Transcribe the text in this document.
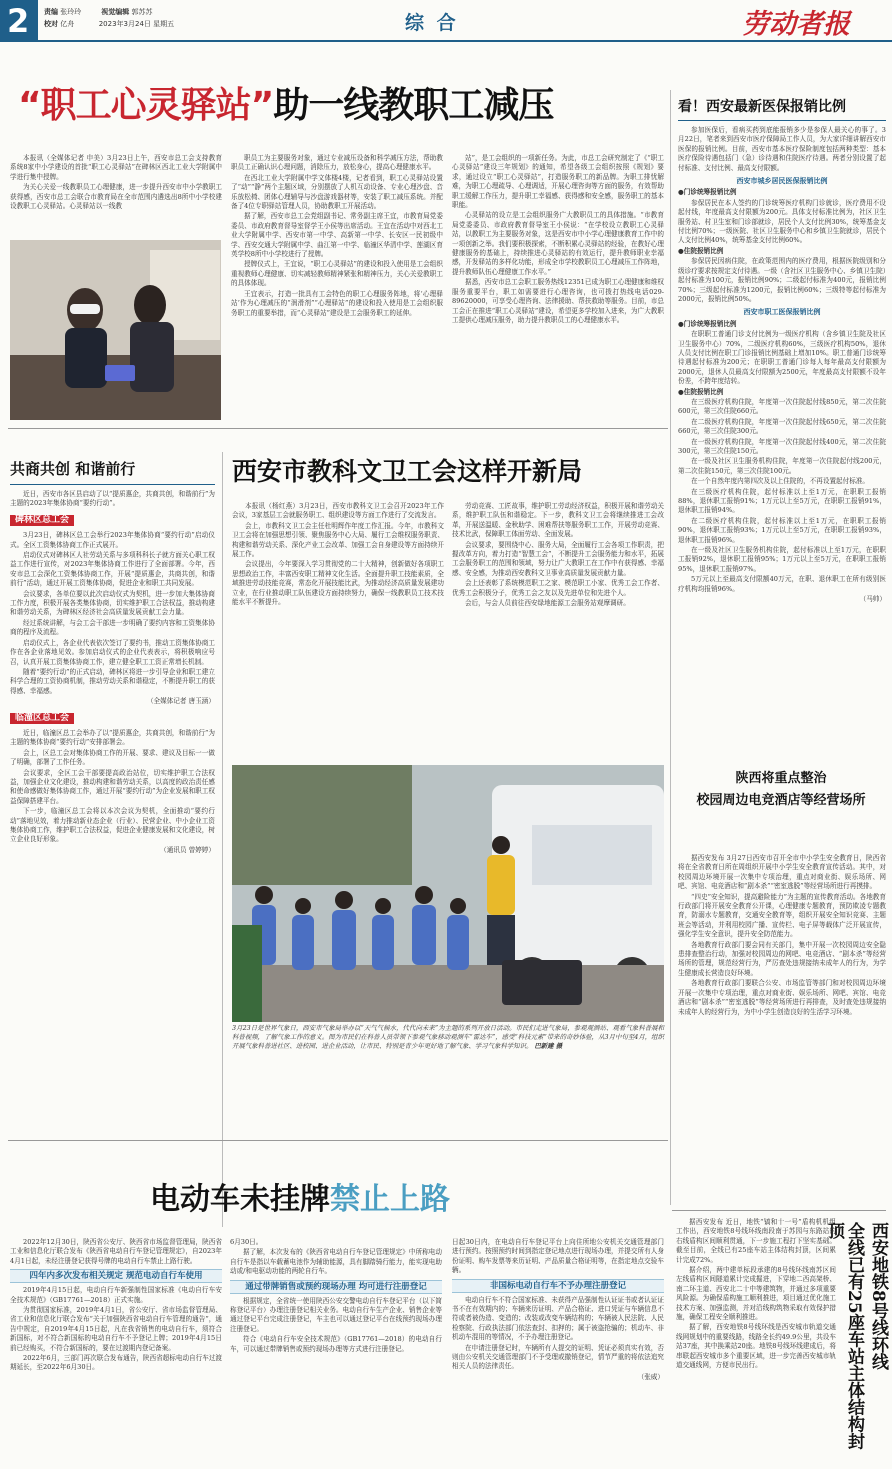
2 责编 张玲玲	视觉编辑 郭苏苏
校对 亿舟	2023年3月24日 星期五	综 合	劳动者报
“职工心灵驿站”助一线教职工减压

本报讯（全媒体记者 申美）3月23日上午，西安市总工会支持教育系统8家中小学建设的首批“职工心灵驿站”在碑林区西北工业大学附属中学进行集中授牌。

为关心关爱一线教职员工心理健康，进一步提升西安市中小学教职工获得感，西安市总工会联合市教育局在全市范围内遴选出8所中小学校建设教职工心灵驿站。心灵驿站以一线教

职员工为主要服务对象，通过专业减压设备和科学减压方法，帮助教职员工正确认识心理问题，消除压力，放松身心，提高心理健康水平。

在西北工业大学附属中学文体楼4楼，记者看到，职工心灵驿站设置了“动”“静”两个主题区域，分别摆放了人机互动设备、专业心理沙盘、音乐放松椅、团体心理辅导与沙盘游戏器材等，安装了职工减压系统。并配备了4位专职驿站管理人员，协助教职工开展活动。

据了解，西安市总工会党组副书记、常务副主席王宜，市教育局党委委员、市政府教育督导室督学王小侯等出席活动。王宜在活动中对西北工业大学附属中学、西安市第一中学、高新第一中学、长安区一民初级中学、西安交通大学附属中学、曲江第一中学、临潼区华清中学、莲湖区育英学校8所中小学校进行了授牌。

授牌仪式上，王宜说，“职工心灵驿站”的建设和投入使用是工会组织重视教师心理健康、切实减轻教师精神紧张和精神压力，关心关爱教职工的具体体现。

王宜表示，打造一批具有工会特色的职工心理服务阵地，将‘心理驿站’作为心理减压的“润滑剂”“心理驿站”的建设和投入使用是工会组织服务职工的重要举措，而“心灵驿站”建设是工会服务职工的延伸。

站”，是工会组织的一项新任务。为此，市总工会研究制定了《“职工心灵驿站”建设三年规划》的通知，希望各级工会组织按照《规划》要求，通过设立“职工心灵驿站”，打造服务职工的新品牌。为职工排忧解难，为职工心理疏导、心理调适，开展心理咨询等方面的服务，有效帮助职工缓解工作压力，提升职工幸福感、获得感和安全感，服务职工的基本职能。

心灵驿站的设立是工会组织服务广大教职员工的具体措施。“市教育局党委委员、市政府教育督导室王小侯说：“在学校设立教职工心灵驿站，以教职工为主要服务对象，这是西安市中小学心理健康教育工作中的一项创新之举。我们要积极探索，不断积累心灵驿站的经验，在教好心理健康服务的基础上，持续推进心灵驿站的有效运行，提升教师职业幸福感，开发驿站的多样化功能，形成全市学校教职员工心理减压工作阵地，提升教师队伍心理健康工作水平。”

据悉，西安市总工会职工服务热线12351已成为职工心理健康和维权服务重要平台，职工如需要进行心理咨询，也可拨打热线电话029-89620000，可享受心理咨询、法律援助、帮扶救助等服务。目前，市总工会正在推进“职工心灵驿站”建设，希望更多学校加入进来，为广大教职工提供心理减压服务，助力提升教职员工的心理健康水平。

看！西安最新医保报销比例

参加医保后，看病买药到底能报销多少是参保人最关心的事了。3月22日，笔者来到西安市医疗保障局工作人员，为大家详细讲解西安市医保的报销比例。目前，西安市基本医疗保险制度包括两种类型：基本医疗保险待遇包括门（急）诊待遇和住院医疗待遇。两者分别设置了起付标准、支付比例、最高支付限额。

西安市城乡居民医保报销比例

●门诊统筹报销比例

参保居民在本人签约的门诊统筹医疗机构门诊就诊，医疗费用不设起付线，年度最高支付限额为200元。具体支付标准比例为，社区卫生服务站、村卫生室和门诊部就诊，居民个人支付比例30%，统筹基金支付比例70%；一级医院、社区卫生服务中心和乡镇卫生院就诊，居民个人支付比例40%，统筹基金支付比例60%。

●住院报销比例

参保居民因病住院，在政策范围内的医疗费用，根据医院级别和分级诊疗要求按规定支付待遇。一级（含社区卫生服务中心、乡镇卫生院）起付标准为100元，报销比例90%；二级起付标准为400元，报销比例70%；三级起付标准为1200元，报销比例60%；三级特等起付标准为2000元，报销比例50%。

西安市职工医保报销比例

●门诊统筹报销比例

在职职工普通门诊支付比例为一级医疗机构（含乡镇卫生院及社区卫生服务中心）70%，二级医疗机构60%，三级医疗机构50%，退休人员支付比例在职工门诊报销比例基础上增加10%。职工普通门诊统筹待遇起付标准为200元；在职职工普通门诊每人每年最高支付限额为2000元，退休人员最高支付限额为2500元，年度最高支付限额不设年份差，不跨年度结转。

●住院报销比例

在三级医疗机构住院，年度第一次住院起付线850元，第二次住院600元，第三次住院660元。

在二级医疗机构住院，年度第一次住院起付线650元，第二次住院660元，第三次住院300元。

在一级医疗机构住院，年度第一次住院起付线400元，第二次住院300元，第三次住院150元。

在一级及社区卫生服务机构住院，年度第一次住院起付线200元，第二次住院150元，第三次住院100元。

在一个自然年度内第四次及以上住院的，不再设置起付标准。

在三级医疗机构住院，起付标准以上至1万元，在职职工报销88%，退休职工报销91%；1万元以上至5万元，在职职工报销91%，退休职工报销94%。

在二级医疗机构住院，起付标准以上至1万元，在职职工报销90%，退休职工报销93%；1万元以上至5万元，在职职工报销93%，退休职工报销96%。

在一级及社区卫生服务机构住院，起付标准以上至1万元，在职职工报销92%，退休职工报销95%；1万元以上至5万元，在职职工报销95%，退休职工报销97%。

5万元以上至最高支付限额40万元，在职、退休职工在所有级别医疗机构均报销96%。

（马帅）
共商共创 和谐前行

近日，西安市各区县启动了以“提质惠企，共商共创，和谐前行”为主题的2023年集体协商“要约行动”。

碑林区总工会

3月23日，碑林区总工会举行2023年集体协商“要约行动”启动仪式。全区工资集体协商工作正式展开。

启动仪式对碑林区人社劳动关系与多项科科长子就方面关心职工权益工作进行宣传，对2023年集体协商工作进行了全面部署。今年，西安市总工会深化工资集体协商工作，开展“提质惠企，共商共创，和谐前行”活动，通过开展工资集体协商，促进企业和职工共同发展。

会议要求，各单位要以此次启动仪式为契机，进一步加大集体协商工作力度，积极开展各类集体协商，切实维护职工合法权益，推动构建和谐劳动关系，为碑林区经济社会高质量发展贡献工会力量。

经过系统讲解，与会工会干部进一步明确了要约内容和工资集体协商的程序及流程。

启动仪式上，各企业代表依次签订了要约书，推动工资集体协商工作在各企业落地见效。参加启动仪式的企业代表表示，将积极响应号召，认真开展工资集体协商工作，建立健全职工工资正常增长机制。

随着“要约行动”的正式启动，碑林区将进一步引导企业和职工建立科学合理的工资协商机制，推动劳动关系和谐稳定，不断提升职工的获得感、幸福感。

（全媒体记者 唐玉涵）
临潼区总工会

近日，临潼区总工会举办了以“提质惠企，共商共创，和谐前行”为主题的集体协商“要约行动”安排部署会。

会上，区总工会对集体协商工作的开展、要求、建议及目标一一做了明确，部署了工作任务。

会议要求，全区工会干部要提高政治站位，切实维护职工合法权益，加强企业文化建设，推动构建和谐劳动关系，以高度的政治责任感和使命感做好集体协商工作，通过开展“要约行动”为企业发展和职工权益保障搭建平台。

下一步，临潼区总工会将以本次会议为契机，全面推动“要约行动”落地见效，着力推动新业态企业（行业）、民营企业、中小企业工资集体协商工作，维护职工合法权益，促进企业健康发展和文化建设，树立企业良好形象。

（通讯员 曾婷婷）
西安市教科文卫工会这样开新局

本报讯（杨红燕）3月23日，西安市教科文卫工会召开2023年工作会议，3家基层工会就服务职工、组织建设等方面工作进行了交流发言。

会上，市教科文卫工会主任杜明辉作年度工作汇报。今年，市教科文卫工会将在加强思想引领、聚焦服务中心大局、履行工会维权服务职责、构建和谐劳动关系、深化产业工会改革、加强工会自身建设等方面持续开展工作。

会议提出，今年要深入学习贯彻党的二十大精神，创新做好各项职工思想政治工作，丰富西安职工精神文化生活。全面提升职工技能素质，全域推进劳动技能竞赛，常态化开展技能比武，为推动经济高质量发展建功立业，在行业推动职工队伍建设方面持续努力，确保一线教职员工技术技能水平不断提升。

劳动竞赛、工匠故事，维护职工劳动经济权益，积极开展和谐劳动关系，维护职工队伍和谐稳定。下一步，教科文卫工会将继续推进工会改革，开展送温暖、金秋助学、困难帮扶等服务职工工作，开展劳动竞赛、技术比武，保障职工体面劳动、全面发展。

会议要求，要围绕中心、服务大局，全面履行工会各项工作职责，把握改革方向，着力打造“智慧工会”，不断提升工会服务能力和水平，拓展工会服务职工的范围和领域，努力让广大教职工在工作中有获得感、幸福感、安全感，为推动西安教科文卫事业高质量发展贡献力量。

会上还表彰了系统模范职工之家、模范职工小家、优秀工会工作者、优秀工会积极分子，优秀工会之友以及先进单位和先进个人。

会后，与会人员前往西安绿地能源工会服务站观摩调研。

3月23日是世界气象日，西安市气象局举办以“天气气候水，代代向未来”为主题的系列开放日活动。市民们走进气象局，参观观测站、观看气象科普展和科普视频，了解气象工作的意义。图为市民们在科普人员带领下参观气象移动观测车“雷达车”，感受“科技元素”带来的奇妙体验，从3月中旬至4月，组织开展气象科普进社区、进校园、进企业活动，让市民、特别是青少年更好地了解气象、学习气象科学知识。 巴新建 摄
陕西将重点整治
校园周边电竞酒店等经营场所

据西安发布 3月27日西安市召开全市中小学生安全教育日，陕西省将在全省教育日所在周组织开展中小学生安全教育宣传活动。其中，对校园周边环境开展一次集中专项治理，重点对商业街、娱乐场所、网吧、宾馆、电竞酒店和“剧本杀”“密室逃脱”等经营场所进行再摸排。

“四史”安全知识，提高避险能力”为主题的宣传教育活动。各地教育行政部门将开展安全教育公开课，心理健康专题教育，预防欺凌专题教育，防溺水专题教育，交通安全教育等，组织开展安全知识竞赛、主题班会等活动，并利用校园广播、宣传栏、电子屏等载体广泛开展宣传，强化学生安全意识，提升安全防范能力。

各地教育行政部门要会同有关部门，集中开展一次校园周边安全隐患排查整治行动，加强对校园周边的网吧、电竞酒店、“剧本杀”等经营场所的管理，规范经营行为，严厉查处违规接纳未成年人的行为，为学生健康成长营造良好环境。

各地教育行政部门要联合公安、市场监管等部门和对校园周边环境开展一次集中专项治理，重点对商业街、娱乐场所、网吧、宾馆、电竞酒店和“剧本杀”“密室逃脱”等经营场所进行再排查，及时查处违规接纳未成年人的经营行为，为中小学生创造良好的生活学习环境。

电动车未挂牌禁止上路

2022年12月30日，陕西省公安厅、陕西省市场监督管理局，陕西省工业和信息化厅联合发布《陕西省电动自行车登记管理规定》，自2023年4月1日起，未经注册登记获得号牌的电动自行车禁止上路行驶。

四年内多次发布相关规定 规范电动自行车使用

2019年4月15日起，电动自行车新强制性国家标准《电动自行车安全技术规范》（GB17761—2018）正式实施。

为贯彻国家标准，2019年4月1日，省公安厅、省市场监督管理局、省工业和信息化厅联合发布“关于加强陕西省电动自行车管理的通告”，通告中规定，自2019年4月15日起，凡在我省销售的电动自行车，须符合新国标，对不符合新国标的电动自行车不予登记上牌；2019年4月15日前已经购买，不符合新国标的，要在过渡期内登记备案。

2022年6月，三部门再次联合发布通告，陕西省超标电动自行车过渡期延长，至2022年6月30日。

6月30日。

据了解，本次发布的《陕西省电动自行车登记管理规定》中所称电动自行车是指以车载蓄电池作为辅助能源，具有脚踏骑行能力，能实现电助动或/和电驱动功能的两轮自行车。

通过带牌销售或预约现场办理 均可进行注册登记

根据规定，全省统一使用陕西公安交警电动自行车登记平台（以下简称登记平台）办理注册登记相关业务。电动自行车生产企业、销售企业等通过登记平台完成注册登记，车主也可以通过登记平台在线预约现场办理注册登记。

符合《电动自行车安全技术规范》（GB17761—2018）的电动自行车，可以通过带牌销售或预约现场办理等方式进行注册登记。

日起30日内，在电动自行车登记平台上向住所地公安机关交通管理部门进行预约。按照预约时间到指定登记地点进行现场办理，并提交所有人身份证明、购车发票等来历证明、产品质量合格证明等，在指定地点交验车辆。

非国标电动自行车不予办理注册登记

电动自行车不符合国家标准、未获得产品强制性认证证书或者认证证书不在有效期内的；车辆来历证明、产品合格证、进口凭证与车辆信息不符或者被伪造、变造的；改装或改变车辆结构的；车辆被人民法院、人民检察院、行政执法部门依法查封、扣押的；属于被盗抢骗的；机动车、非机动车混用的等情况，不予办理注册登记。

在申请注册登记时，车辆所有人提交的证明、凭证必须真实有效，否则由公安机关交通管理部门不予受理或撤销登记，情节严重的将依法追究相关人员的法律责任。

（张威）

据西安发布 近日，地铁“镐和十一号”盾构机机组工作出，西安地铁8号线环线南段南于苏园与东路站的右线盾构区间顺利贯通，下一步施工程打下坚实基础。截至目前，全线已有25座车站主体结构封顶，区间累计完成72%。

据介绍，两中建单标段承建的8号线环线南苏区间左线盾构区间隧道累计完成掘进，下穿地二西高架桥、南二环主道、西安北二十中等建筑物，并通过多项重要风险源。为确保盾构施工顺利推进，项目通过优化施工技术方案、加强监测，并对沿线构筑物采取有效保护措施，确保工程安全顺利推进。

据了解，西安地铁8号线环线是西安城市轨道交通线网规划中的重要线路，线路全长约49.9公里，共设车站37座，其中换乘站20座。地铁8号线环线建成后，将串联起西安城市多个重要区域，进一步完善西安城市轨道交通线网，方便市民出行。	西安地铁8号线环线
全线已有25座车站主体结构封顶
